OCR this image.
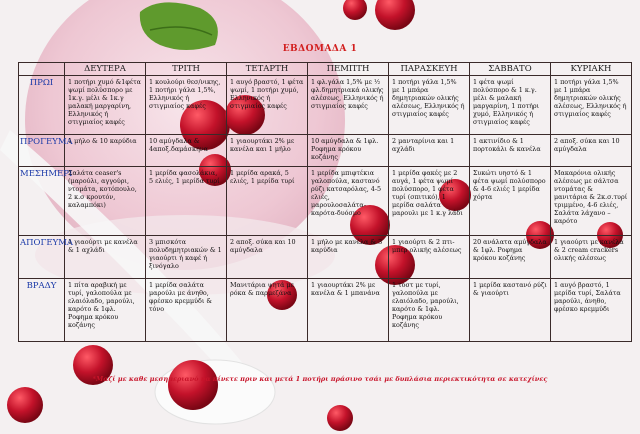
ΕΒΔΟΜΑΔΑ 1
	ΔΕΥΤΕΡΑ	ΤΡΙΤΗ	ΤΕΤΑΡΤΗ	ΠΕΜΠΤΗ	ΠΑΡΑΣΚΕΥΗ	ΣΑΒΒΑΤΟ	ΚΥΡΙΑΚΗ
ΠΡΩΙ	1 ποτήρι χυμό &1φέτα ψωμί πολύσπορο με 1κ.γ. μέλι & 1κ.γ μαλακή μαργαρίνη, Ελληνικός ή στιγμιαίος καφές	1 κουλούρι θεσ/νικης, 1 ποτήρι γάλα 1,5%, Ελληνικός ή στιγμιαίος καφές	1 αυγό βραστό, 1 φέτα ψωμί, 1 ποτήρι χυμό, Ελληνικός ή στιγμιαίος καφές	1 φλ.γάλα 1,5% με ½ φλ.δημητριακά ολικής αλέσεως, Ελληνικός ή στιγμιαίος καφές	1 ποτήρι γάλα 1,5% με 1 μπάρα δημητριακών ολικής αλέσεως, Ελληνικός ή στιγμιαίος καφές	1 φέτα ψωμί πολύσπορο & 1 κ.γ. μέλι & μαλακή μαργαρίνη, 1 ποτήρι χυμό, Ελληνικός ή στιγμιαίος καφές	1 ποτήρι γάλα 1,5% με 1 μπάρα δημητριακών ολικής αλέσεως, Ελληνικός ή στιγμιαίος καφές
ΠΡΟΓΕΥΜΑ	1 μήλο & 10 καρύδια	10 αμύγδαλα & 4αποξ.δαμάσκηνα	1 γιαουρτάκι 2% με κανέλα και 1 μήλο	10 αμύγδαλα & 1φλ. Ροφημα κρόκου κοζάνης	2 μανταρίνια και 1 αχλάδι	1 ακτινίδιο & 1 πορτοκάλι & κανέλα	2 αποξ. σύκα και 10 αμύγδαλα
ΜΕΣΗΜΕΡΙ	Σαλάτα ceaser's (μαρούλι, αγγούρι, ντομάτα, κοτόπουλο, 2 κ.σ κρουτόν, καλαμπόκι)	1 μερίδα φασολάκια, 5 ελιές, 1 μερίδα τυρί	1 μερίδα αρακά, 5 ελιές, 1 μερίδα τυρί	1 μερίδα μπιφτέκια γαλοπούλα, καστανό ρύζι κατσαρόλας, 4-5 ελιές, μαρουλοσαλάτα-καρότα-δυόσμο	1 μερίδα φακές με 2 αυγά, 1 φέτα ψωμί πολύσπορο, 1 φέτα τυρί (σπιτικό), 1 μερίδα σαλάτα μαρουλι με 1 κ.γ λάδι	Συκώτι υηστό & 1 φέτα ψωμί πολύσπορο & 4-6 ελιές 1 μερίδα χόρτα	Μακαρόνια ολικής αλέσεως με σάλτσα ντομάτας & μανιτάρια & 2κ.σ.τυρί τριμμένο, 4-6 ελιές, Σαλάτα λάχανο – καρότο
ΑΠΟΓΕΥΜΑ	1 γιαούρτι με κανέλα & 1 αχλάδι	3 μπισκότα πολυδημητριακών & 1 γιαούρτι ή καφέ ή ξινόγαλο	2 αποξ. σύκα και 10 αμύγδαλα	1 μήλο με κανέλα & 3 καρύδια	1 γιαούρτι & 2 πτι-μπερ ολικής αλέσεως	20 ανάλατα αμύγδαλα & 1φλ. Ροφημα κρόκου κοζάνης	1 γιαούρτι με κανέλα & 2 cream crackers ολικής αλέσεως
ΒΡΑΔΥ	1 πίτα αραβική με τυρί, γαλοπούλα με ελαιόλαδο, μαρούλι, καρότο & 1φλ. Ροφημα κρόκου κοζάνης	1 μερίδα σαλάτα μαρούλι με άνηθο, φρέσκο κρεμμύδι & τόνο	Μανιτάρια ψητά με ρόκα & παρμεζάνα	1 γιαουρτάκι 2% με κανέλα & 1 μπανάνα	1 τοστ με τυρί, γαλοπούλα με ελαιόλαδο, μαρούλι, καρότο & 1φλ. Ροφημα κρόκου κοζάνης	1 μερίδα καστανό ρύζι & γιαούρτι	1 αυγό βραστό, 1 μερίδα τυρί, Σαλάτα μαρούλι, άνηθο, φρέσκο κρεμμύδι
*Μαζί με καθε μεσημεριανό να πίνετε πριν και μετά 1 ποτήρι πράσινο τσάι με δυπλάσια περιεκτικότητα σε κατεχίνες
